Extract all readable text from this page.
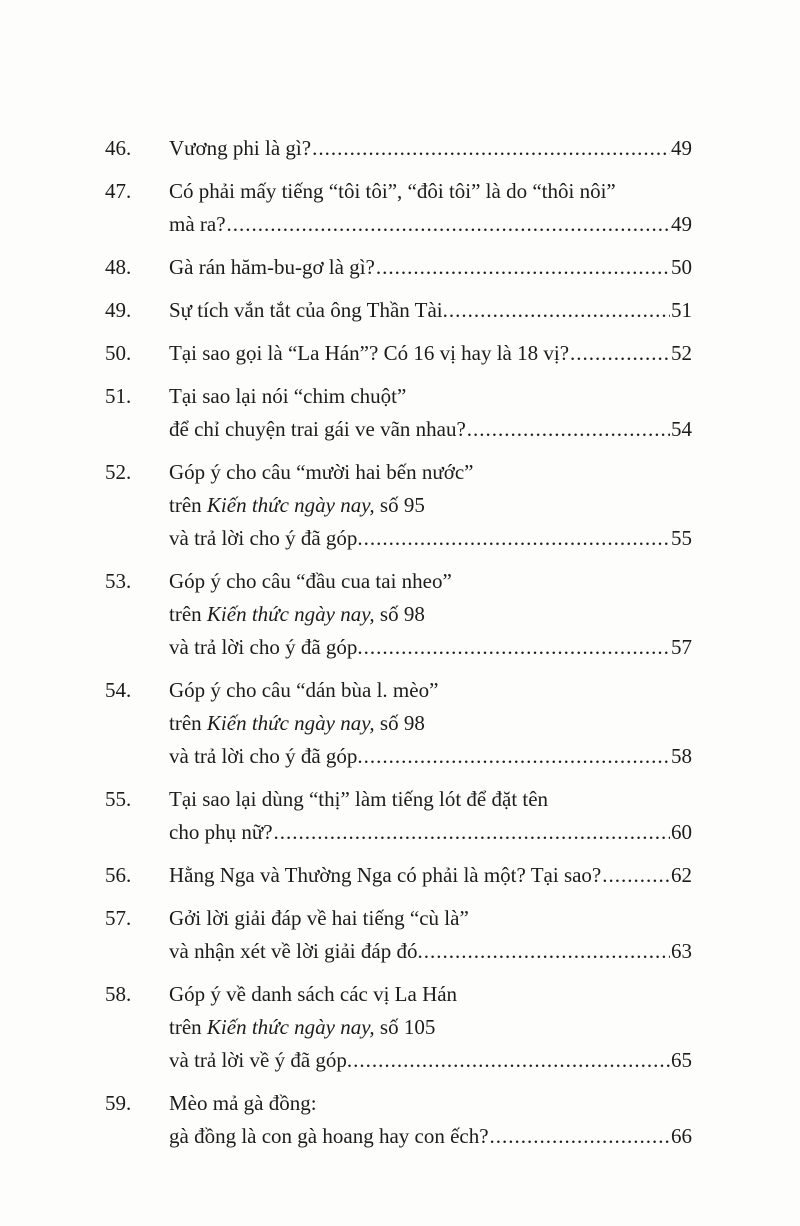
46.	Vương phi là gì? .....	49
47.	Có phải mấy tiếng “tôi tôi”, “đôi tôi” là do “thôi nôi”
mà ra? .....	49
48.	Gà rán hăm-bu-gơ là gì? .....	50
49.	Sự tích vắn tắt của ông Thần Tài. .....	51
50.	Tại sao gọi là “La Hán”? Có 16 vị hay là 18 vị? .....	52
51.	Tại sao lại nói “chim chuột”
để chỉ chuyện trai gái ve vãn nhau? .....	54
52.	Góp ý cho câu “mười hai bến nước”
trên Kiến thức ngày nay, số 95
và trả lời cho ý đã góp. .....	55
53.	Góp ý cho câu “đầu cua tai nheo”
trên Kiến thức ngày nay, số 98
và trả lời cho ý đã góp. .....	57
54.	Góp ý cho câu “dán bùa l. mèo”
trên Kiến thức ngày nay, số 98
và trả lời cho ý đã góp. .....	58
55.	Tại sao lại dùng “thị” làm tiếng lót để đặt tên
cho phụ nữ? .....	60
56.	Hằng Nga và Thường Nga có phải là một? Tại sao? .....	62
57.	Gởi lời giải đáp về hai tiếng “cù là”
và nhận xét về lời giải đáp đó. .....	63
58.	Góp ý về danh sách các vị La Hán
trên Kiến thức ngày nay, số 105
và trả lời về ý đã góp. .....	65
59.	Mèo mả gà đồng:
gà đồng là con gà hoang hay con ếch? .....	66
